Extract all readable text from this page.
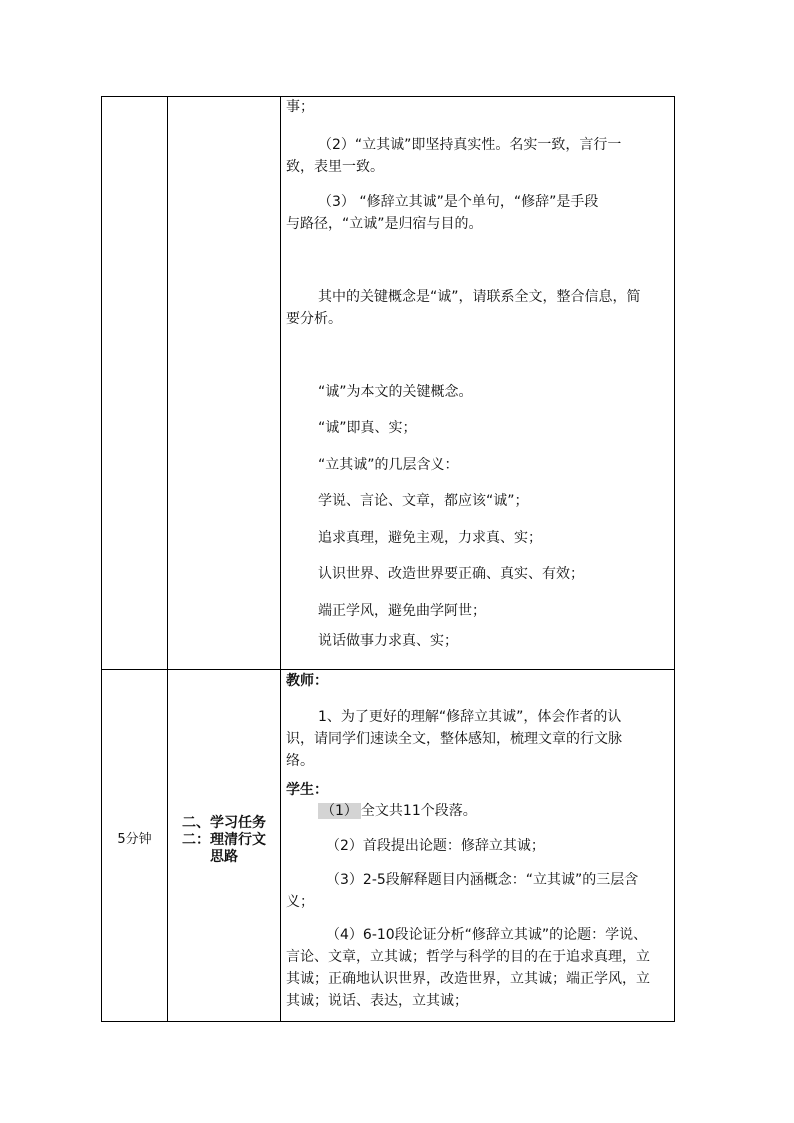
事；
（2）“立其诚”即坚持真实性。名实一致，言行一
致，表里一致。
（3） “修辞立其诚”是个单句，“修辞”是手段
与路径，“立诚”是归宿与目的。
其中的关键概念是“诚”，请联系全文，整合信息，简
要分析。
“诚”为本文的关键概念。
“诚”即真、实；
“立其诚”的几层含义：
学说、言论、文章，都应该“诚”；
追求真理，避免主观，力求真、实；
认识世界、改造世界要正确、真实、有效；
端正学风，避免曲学阿世；
说话做事力求真、实；
5分钟
二、 学习任务
二： 理清行文
思路
教师：
1、为了更好的理解“修辞立其诚”，体会作者的认
识，请同学们速读全文，整体感知，梳理文章的行文脉
络。
学生：
（1） 全文共11个段落。
（2）首段提出论题：修辞立其诚；
（3）2-5段解释题目内涵概念：“立其诚”的三层含
义；
（4）6-10段论证分析“修辞立其诚”的论题：学说、
言论、文章，立其诚；哲学与科学的目的在于追求真理，立
其诚；正确地认识世界，改造世界，立其诚；端正学风，立
其诚；说话、表达，立其诚；
